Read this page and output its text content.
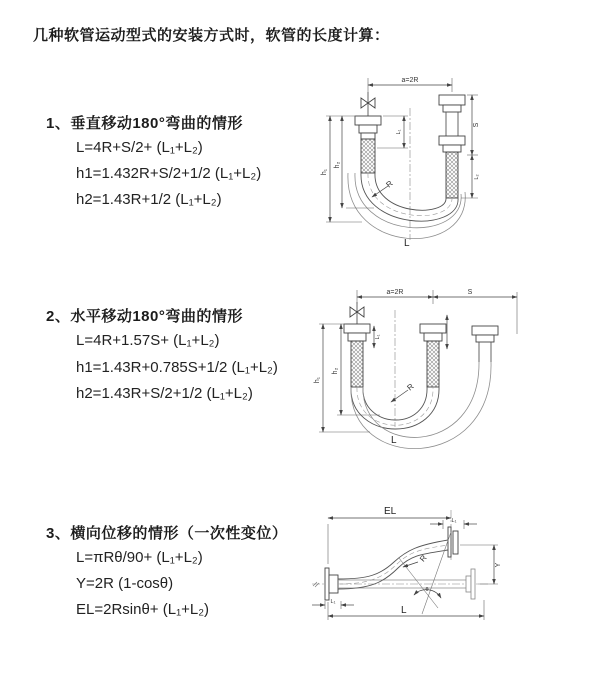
几种软管运动型式的安装方式时，软管的长度计算：
1、垂直移动180°弯曲的情形
L=4R+S/2+ (L₁+L₂)
h1=1.432R+S/2+1/2 (L₁+L₂)
h2=1.43R+1/2 (L₁+L₂)
a=2R
h₁
h₂
L₁
S
L₂
R
L
2、水平移动180°弯曲的情形
L=4R+1.57S+ (L₁+L₂)
h1=1.43R+0.785S+1/2 (L₁+L₂)
h2=1.43R+S/2+1/2 (L₁+L₂)
a=2R	S
L₁
h₁
h₂
R
L
3、横向位移的情形（一次性变位）
L=πRθ/90+ (L₁+L₂)
Y=2R (1-cosθ)
EL=2Rsinθ+ (L₁+L₂)
EL
L₁
θ
Y
R
L
L₁
